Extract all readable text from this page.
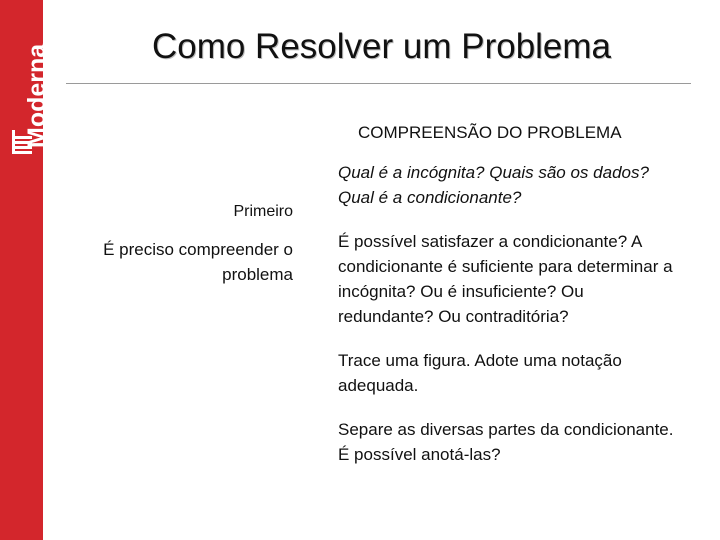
Moderna	Como Resolver um Problema
COMPREENSÃO DO PROBLEMA
Primeiro
É preciso compreender o problema

Qual é a incógnita? Quais são os dados? Qual é a condicionante?

É possível satisfazer a condicionante? A condicionante é suficiente para determinar a incógnita? Ou é insuficiente? Ou redundante? Ou contraditória?

Trace uma figura. Adote uma notação adequada.

Separe as diversas partes da condicionante. É possível anotá-las?
